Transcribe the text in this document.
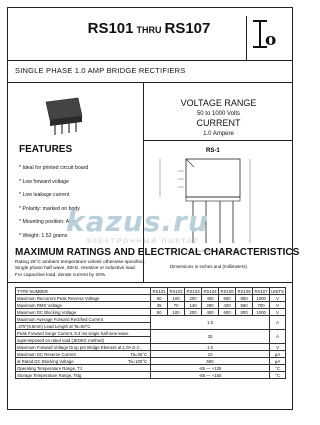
RS101 THRU RS107
o
SINGLE PHASE 1.0 AMP BRIDGE RECTIFIERS
FEATURES
* Ideal for printed circuit board
* Low forward voltage
* Low leakage current
* Polarity: marked on body
* Mounting position: Any
* Weight: 1.52 grams
VOLTAGE RANGE
50 to 1000 Volts
CURRENT
1.0 Ampere
RS-1
Dimensions in inches and (millimeters)
kazus.ru
ЭЛЕКТРОННЫЙ ПОРТАЛ
MAXIMUM RATINGS AND ELECTRICAL CHARACTERISTICS
Rating 25°C ambient temperature unless otherwise specified.
Single phase half wave, 60Hz, resistive or inductive load.
For capacitive load, derate current by 20%.
TYPE NUMBER	RS101	RS102	RS103	RS104	RS105	RS106	RS107	UNITS
Maximum Recurrent Peak Reverse Voltage	50	100	200	400	600	800	1000	V
Maximum RMS Voltage	35	70	140	280	420	560	700	V
Maximum DC Blocking Voltage	50	100	200	400	600	800	1000	V
Maximum Average Forward Rectified Current	1.0							A
.375"(9.5mm) Lead Length at Ta=50°C								
Peak Forward Surge Current, 8.3 ms single half-sine-wave	30							A
superimposed on rated load (JEDEC method)								
Maximum Forward Voltage Drop per Bridge Element at 1.0A D.C.	1.0							V
Maximum DC Reverse Current Ta=25°C	10							μA
at Rated DC Blocking Voltage Ta=100°C	500							μA
Operating Temperature Range, TJ	-65 — +125							°C
Storage Temperature Range, Tstg	-65 — +150							°C
